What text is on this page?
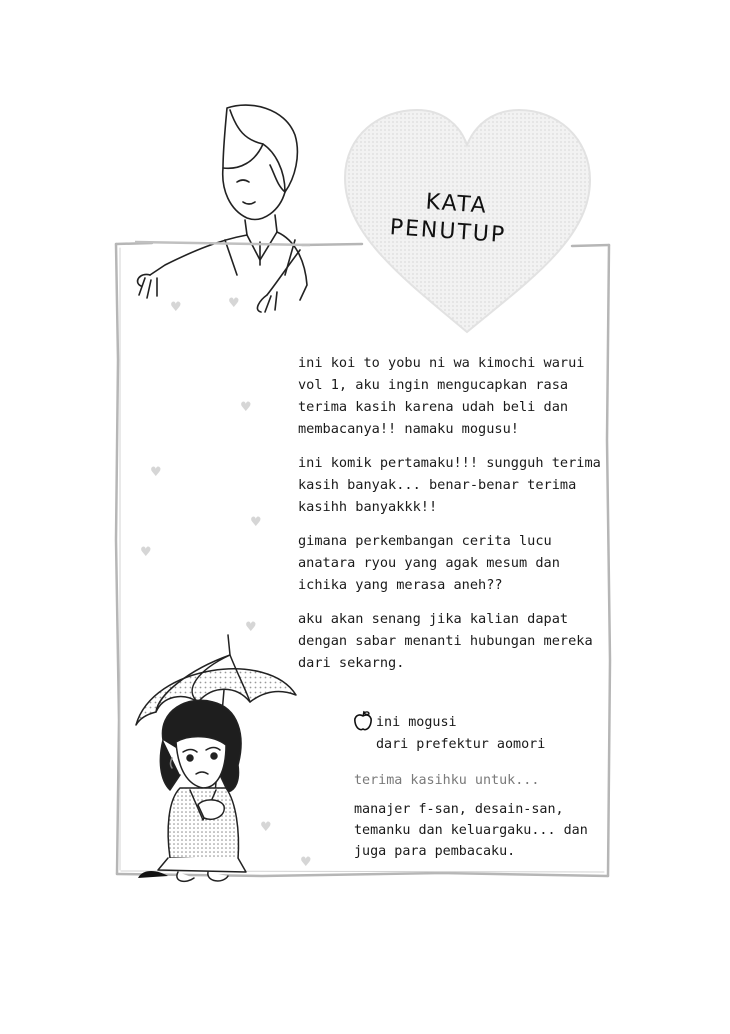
KATA
PENUTUP
♥	♥
♥
♥
♥
♥
♥
♥
♥

ini koi to yobu ni wa kimochi warui vol 1, aku ingin mengucapkan rasa terima kasih karena udah beli dan membacanya!! namaku mogusu!

ini komik pertamaku!!! sungguh terima kasih banyak... benar-benar terima kasihh banyakkk!!

gimana perkembangan cerita lucu anatara ryou yang agak mesum dan ichika yang merasa aneh??

aku akan senang jika kalian dapat dengan sabar menanti hubungan mereka dari sekarng.

ini mogusi
dari prefektur aomori
terima kasihku untuk...
manajer f-san, desain-san,
temanku dan keluargaku... dan
juga para pembacaku.
